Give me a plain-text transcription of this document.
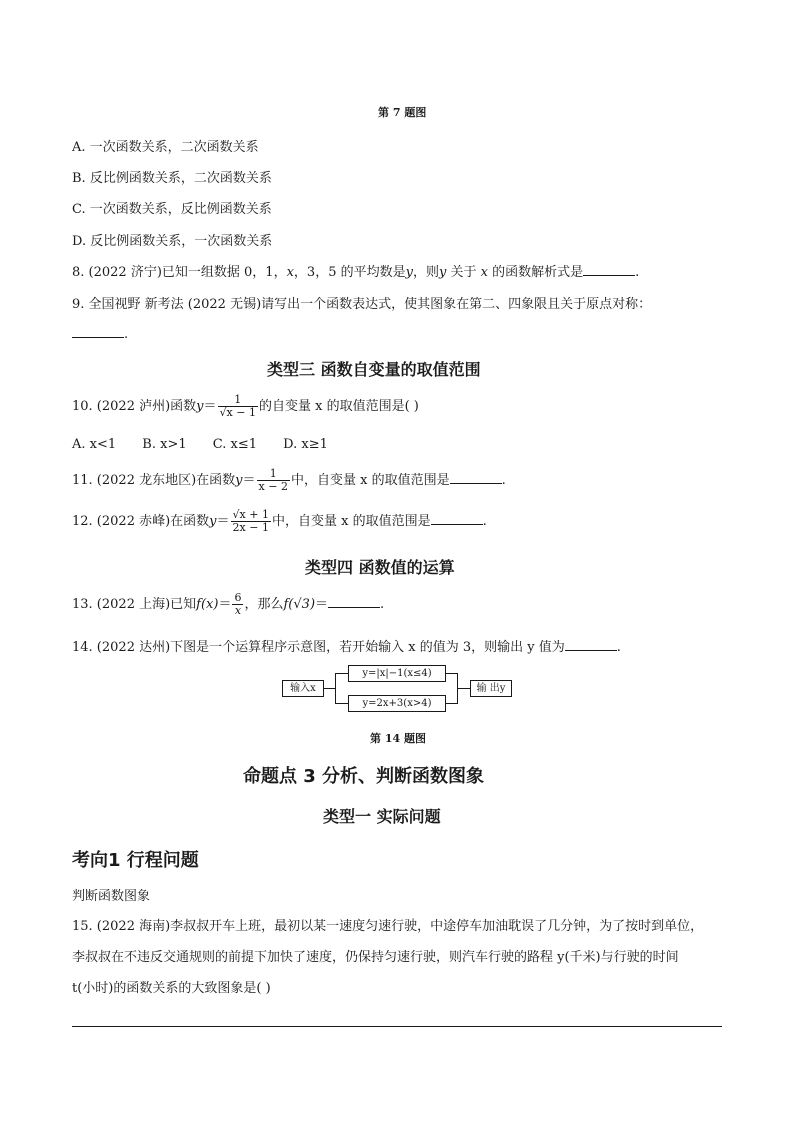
第 7 题图
A. 一次函数关系，二次函数关系
B. 反比例函数关系，二次函数关系
C. 一次函数关系，反比例函数关系
D. 反比例函数关系，一次函数关系
8. (2022 济宁)已知一组数据 0，1，x，3，5 的平均数是y，则y 关于 x 的函数解析式是	.
9. 全国视野 新考法 (2022 无锡)请写出一个函数表达式，使其图象在第二、四象限且关于原点对称：
.
类型三 函数自变量的取值范围
10. (2022 泸州)函数$y= \frac{1}{√x - 1}$ 的自变量 x 的取值范围是( )
A. x<1 B. x>1 C. x≤1 D. x≥1
11. (2022 龙东地区)在函数$y= \frac{1}{x - 2}$ 中，自变量 x 的取值范围是	.
12. (2022 赤峰)在函数$y= \frac{√x + 1}{2x - 1}$ 中，自变量 x 的取值范围是	.
类型四 函数值的运算
13. (2022 上海)已知$f(x)= \frac{6}{x}$ ，那么f(√3)＝	.
14. (2022 达州)下图是一个运算程序示意图，若开始输入 x 的值为 3，则输出 y 值为	.
输入x
y=|x|−1(x≤4)
y=2x+3(x>4)
输 出y
第 14 题图
命题点 3 分析、判断函数图象
类型一 实际问题
考向1 行程问题
判断函数图象
15. (2022 海南)李叔叔开车上班，最初以某一速度匀速行驶，中途停车加油耽误了几分钟，为了按时到单位，
李叔叔在不违反交通规则的前提下加快了速度，仍保持匀速行驶，则汽车行驶的路程 y(千米)与行驶的时间
t(小时)的函数关系的大致图象是( )
